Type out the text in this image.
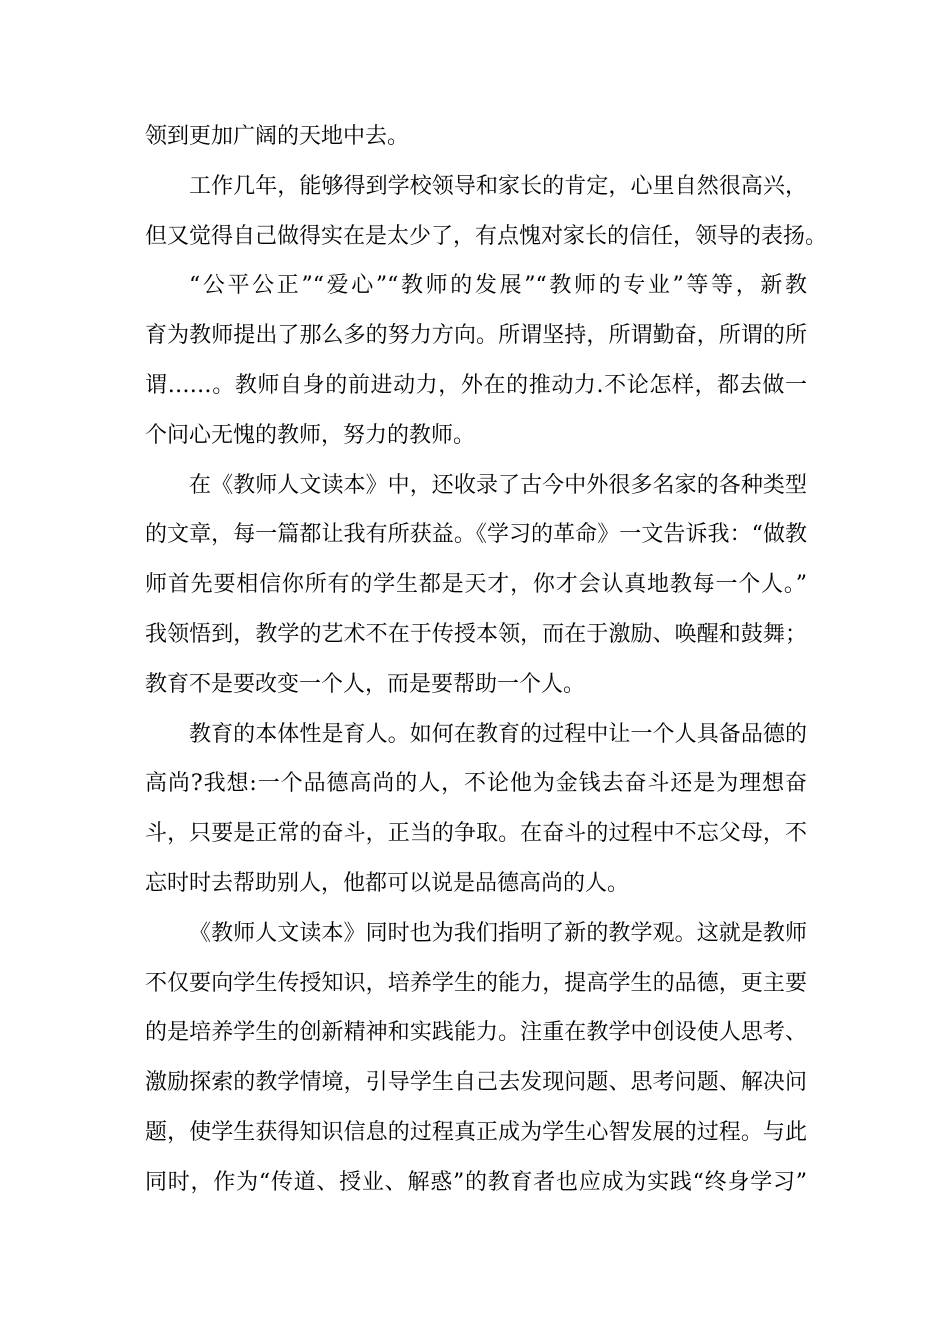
领到更加广阔的天地中去。
工作几年，能够得到学校领导和家长的肯定，心里自然很高兴，
但又觉得自己做得实在是太少了，有点愧对家长的信任，领导的表扬。
“公平公正”“爱心”“教师的发展”“教师的专业”等等，新教
育为教师提出了那么多的努力方向。所谓坚持，所谓勤奋，所谓的所
谓……。教师自身的前进动力，外在的推动力.不论怎样，都去做一
个问心无愧的教师，努力的教师。
在《教师人文读本》中，还收录了古今中外很多名家的各种类型
的文章，每一篇都让我有所获益。《学习的革命》一文告诉我：“做教
师首先要相信你所有的学生都是天才，你才会认真地教每一个人。”
我领悟到，教学的艺术不在于传授本领，而在于激励、唤醒和鼓舞；
教育不是要改变一个人，而是要帮助一个人。
教育的本体性是育人。如何在教育的过程中让一个人具备品德的
高尚?我想:一个品德高尚的人，不论他为金钱去奋斗还是为理想奋
斗，只要是正常的奋斗，正当的争取。在奋斗的过程中不忘父母，不
忘时时去帮助别人，他都可以说是品德高尚的人。
《教师人文读本》同时也为我们指明了新的教学观。这就是教师
不仅要向学生传授知识，培养学生的能力，提高学生的品德，更主要
的是培养学生的创新精神和实践能力。注重在教学中创设使人思考、
激励探索的教学情境，引导学生自己去发现问题、思考问题、解决问
题，使学生获得知识信息的过程真正成为学生心智发展的过程。与此
同时，作为“传道、授业、解惑”的教育者也应成为实践“终身学习”
